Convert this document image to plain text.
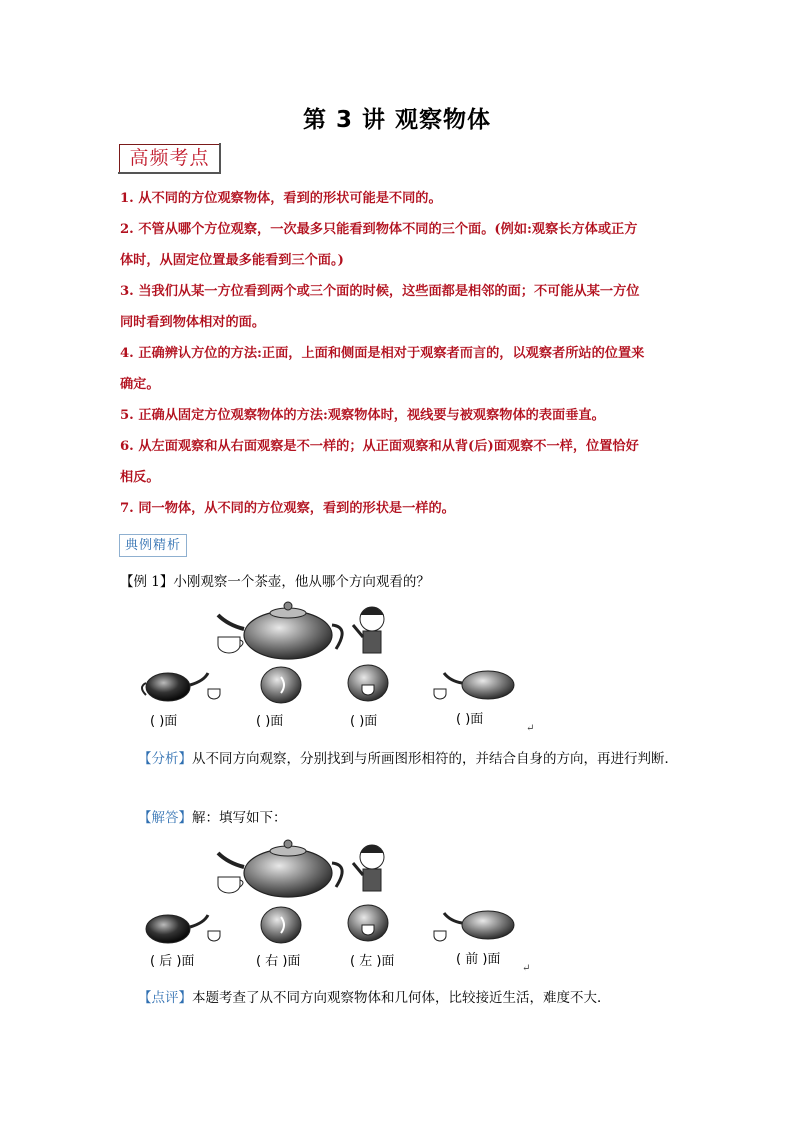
第 3 讲 观察物体
高频考点

1. 从不同的方位观察物体，看到的形状可能是不同的。

2. 不管从哪个方位观察，一次最多只能看到物体不同的三个面。(例如:观察长方体或正方

体时，从固定位置最多能看到三个面。)

3. 当我们从某一方位看到两个或三个面的时候，这些面都是相邻的面；不可能从某一方位

同时看到物体相对的面。

4. 正确辨认方位的方法:正面，上面和侧面是相对于观察者而言的，以观察者所站的位置来

确定。

5. 正确从固定方位观察物体的方法:观察物体时，视线要与被观察物体的表面垂直。

6. 从左面观察和从右面观察是不一样的；从正面观察和从背(后)面观察不一样，位置恰好

相反。

7. 同一物体，从不同的方位观察，看到的形状是一样的。

典例精析
【例 1】小刚观察一个茶壶，他从哪个方向观看的？
( )面	( )面	( )面	( )面
↵
【分析】从不同方向观察，分别找到与所画图形相符的，并结合自身的方向，再进行判断．
【解答】解：填写如下：
( 后 )面	( 右 )面	( 左 )面	( 前 )面
↵
【点评】本题考查了从不同方向观察物体和几何体，比较接近生活，难度不大．
